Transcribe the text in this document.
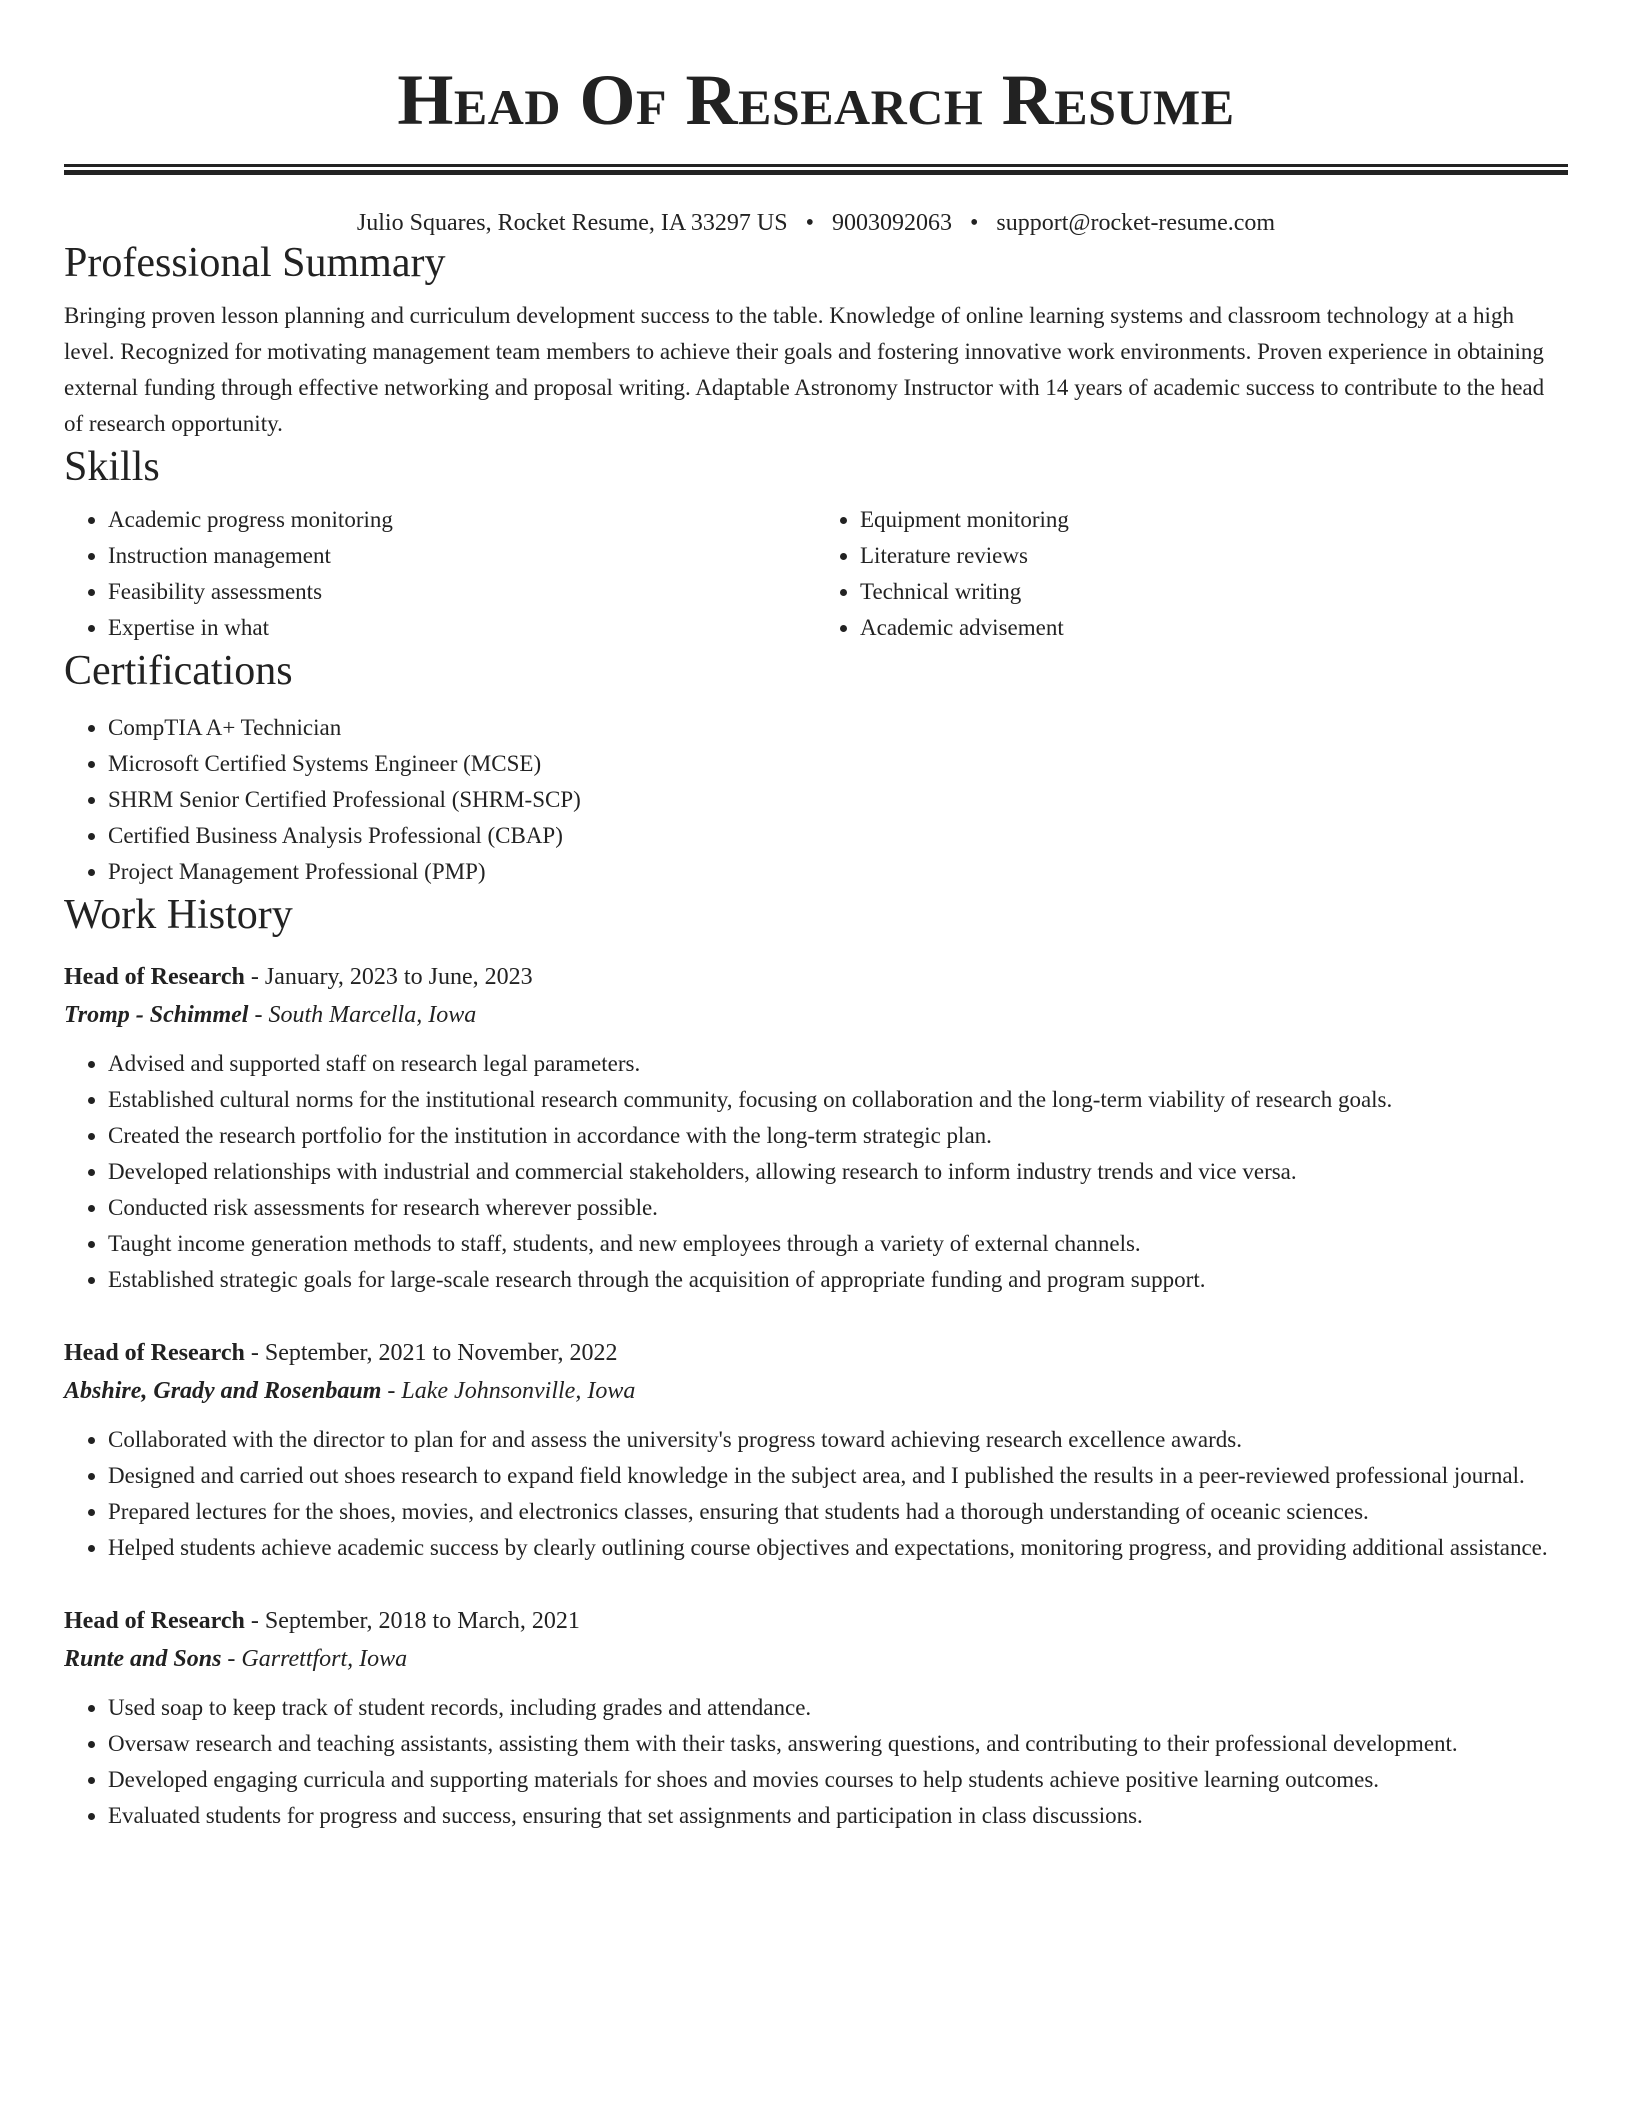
Head Of Research Resume
Julio Squares, Rocket Resume, IA 33297 US • 9003092063 • support@rocket-resume.com
Professional Summary
Bringing proven lesson planning and curriculum development success to the table. Knowledge of online learning systems and classroom technology at a high level. Recognized for motivating management team members to achieve their goals and fostering innovative work environments. Proven experience in obtaining external funding through effective networking and proposal writing. Adaptable Astronomy Instructor with 14 years of academic success to contribute to the head of research opportunity.
Skills
• Academic progress monitoring
• Instruction management
• Feasibility assessments
• Expertise in what
• Equipment monitoring
• Literature reviews
• Technical writing
• Academic advisement
Certifications
• CompTIA A+ Technician
• Microsoft Certified Systems Engineer (MCSE)
• SHRM Senior Certified Professional (SHRM-SCP)
• Certified Business Analysis Professional (CBAP)
• Project Management Professional (PMP)
Work History
Head of Research - January, 2023 to June, 2023
Tromp - Schimmel - South Marcella, Iowa
• Advised and supported staff on research legal parameters.
• Established cultural norms for the institutional research community, focusing on collaboration and the long-term viability of research goals.
• Created the research portfolio for the institution in accordance with the long-term strategic plan.
• Developed relationships with industrial and commercial stakeholders, allowing research to inform industry trends and vice versa.
• Conducted risk assessments for research wherever possible.
• Taught income generation methods to staff, students, and new employees through a variety of external channels.
• Established strategic goals for large-scale research through the acquisition of appropriate funding and program support.
Head of Research - September, 2021 to November, 2022
Abshire, Grady and Rosenbaum - Lake Johnsonville, Iowa
• Collaborated with the director to plan for and assess the university's progress toward achieving research excellence awards.
• Designed and carried out shoes research to expand field knowledge in the subject area, and I published the results in a peer-reviewed professional journal.
• Prepared lectures for the shoes, movies, and electronics classes, ensuring that students had a thorough understanding of oceanic sciences.
• Helped students achieve academic success by clearly outlining course objectives and expectations, monitoring progress, and providing additional assistance.
Head of Research - September, 2018 to March, 2021
Runte and Sons - Garrettfort, Iowa
• Used soap to keep track of student records, including grades and attendance.
• Oversaw research and teaching assistants, assisting them with their tasks, answering questions, and contributing to their professional development.
• Developed engaging curricula and supporting materials for shoes and movies courses to help students achieve positive learning outcomes.
• Evaluated students for progress and success, ensuring that set assignments and participation in class discussions.
